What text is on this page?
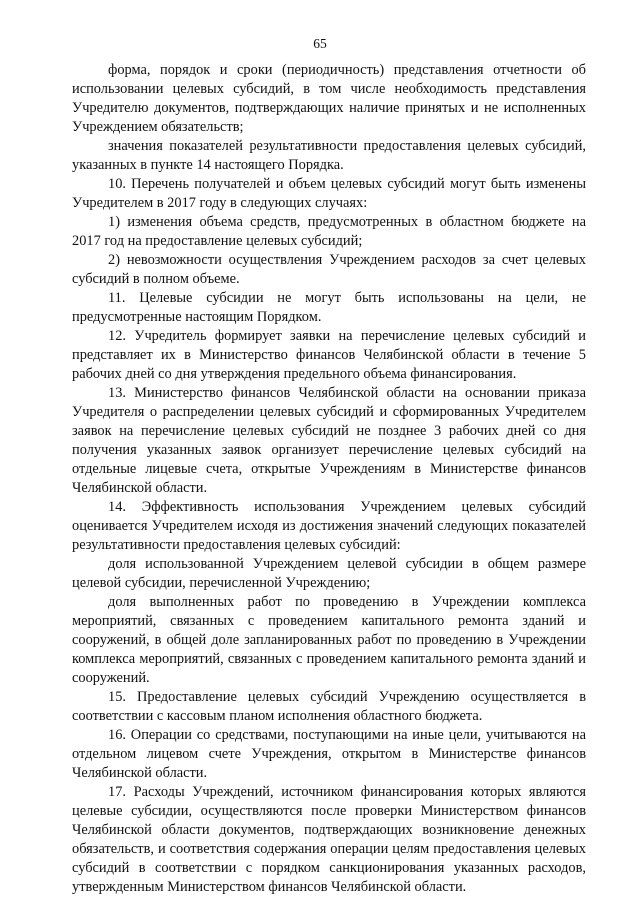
65

форма, порядок и сроки (периодичность) представления отчетности об использовании целевых субсидий, в том числе необходимость представления Учредителю документов, подтверждающих наличие принятых и не исполненных Учреждением обязательств;

значения показателей результативности предоставления целевых субсидий, указанных в пункте 14 настоящего Порядка.

10. Перечень получателей и объем целевых субсидий могут быть изменены Учредителем в 2017 году в следующих случаях:

1) изменения объема средств, предусмотренных в областном бюджете на 2017 год на предоставление целевых субсидий;

2) невозможности осуществления Учреждением расходов за счет целевых субсидий в полном объеме.

11. Целевые субсидии не могут быть использованы на цели, не предусмотренные настоящим Порядком.

12. Учредитель формирует заявки на перечисление целевых субсидий и представляет их в Министерство финансов Челябинской области в течение 5 рабочих дней со дня утверждения предельного объема финансирования.

13. Министерство финансов Челябинской области на основании приказа Учредителя о распределении целевых субсидий и сформированных Учредителем заявок на перечисление целевых субсидий не позднее 3 рабочих дней со дня получения указанных заявок организует перечисление целевых субсидий на отдельные лицевые счета, открытые Учреждениям в Министерстве финансов Челябинской области.

14. Эффективность использования Учреждением целевых субсидий оценивается Учредителем исходя из достижения значений следующих показателей результативности предоставления целевых субсидий:

доля использованной Учреждением целевой субсидии в общем размере целевой субсидии, перечисленной Учреждению;

доля выполненных работ по проведению в Учреждении комплекса мероприятий, связанных с проведением капитального ремонта зданий и сооружений, в общей доле запланированных работ по проведению в Учреждении комплекса мероприятий, связанных с проведением капитального ремонта зданий и сооружений.

15. Предоставление целевых субсидий Учреждению осуществляется в соответствии с кассовым планом исполнения областного бюджета.

16. Операции со средствами, поступающими на иные цели, учитываются на отдельном лицевом счете Учреждения, открытом в Министерстве финансов Челябинской области.

17. Расходы Учреждений, источником финансирования которых являются целевые субсидии, осуществляются после проверки Министерством финансов Челябинской области документов, подтверждающих возникновение денежных обязательств, и соответствия содержания операции целям предоставления целевых субсидий в соответствии с порядком санкционирования указанных расходов, утвержденным Министерством финансов Челябинской области.
